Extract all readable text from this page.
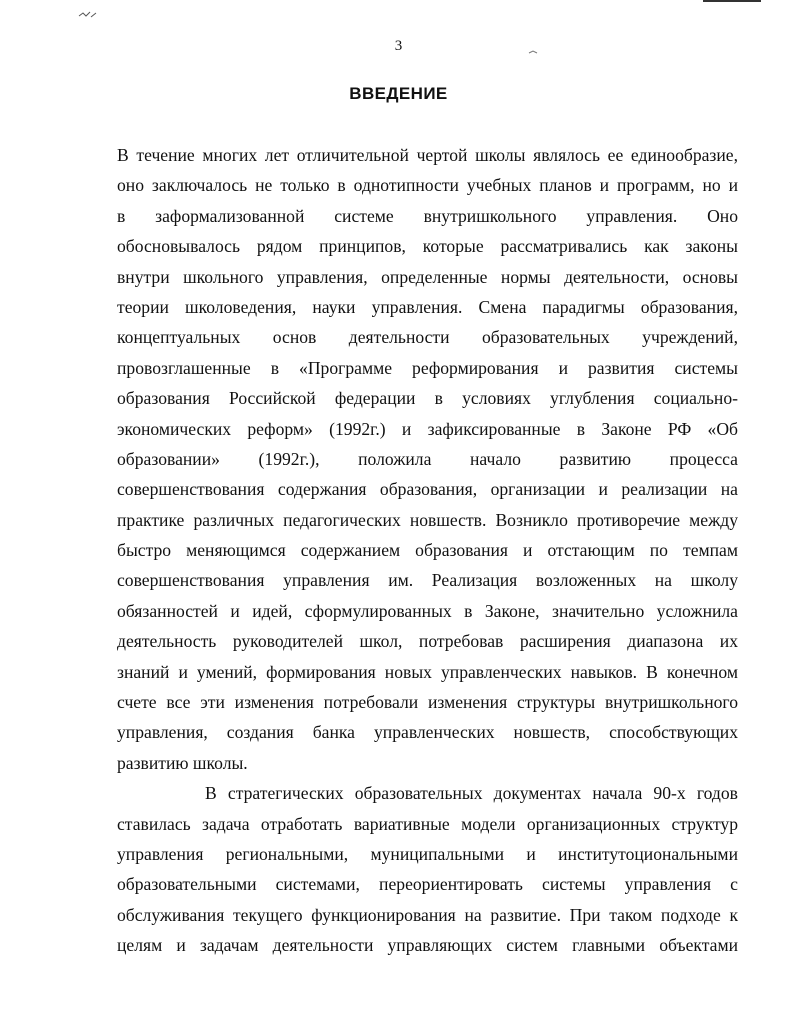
3
ВВЕДЕНИЕ
В течение многих лет отличительной чертой школы являлось ее единообразие,
оно заключалось не только в однотипности учебных планов и программ, но и
в заформализованной системе внутришкольного управления. Оно
обосновывалось рядом принципов, которые рассматривались как законы
внутри школьного управления, определенные нормы деятельности, основы
теории школоведения, науки управления. Смена парадигмы образования,
концептуальных основ деятельности образовательных учреждений,
провозглашенные в «Программе реформирования и развития системы
образования Российской федерации в условиях углубления социально-
экономических реформ» (1992г.) и зафиксированные в Законе РФ «Об
образовании» (1992г.), положила начало развитию процесса
совершенствования содержания образования, организации и реализации на
практике различных педагогических новшеств. Возникло противоречие между
быстро меняющимся содержанием образования и отстающим по темпам
совершенствования управления им. Реализация возложенных на школу
обязанностей и идей, сформулированных в Законе, значительно усложнила
деятельность руководителей школ, потребовав расширения диапазона их
знаний и умений, формирования новых управленческих навыков. В конечном
счете все эти изменения потребовали изменения структуры внутришкольного
управления, создания банка управленческих новшеств, способствующих
развитию школы.
В стратегических образовательных документах начала 90-х годов
ставилась задача отработать вариативные модели организационных структур
управления региональными, муниципальными и институтоциональными
образовательными системами, переориентировать системы управления с
обслуживания текущего функционирования на развитие. При таком подходе к
целям и задачам деятельности управляющих систем главными объектами
